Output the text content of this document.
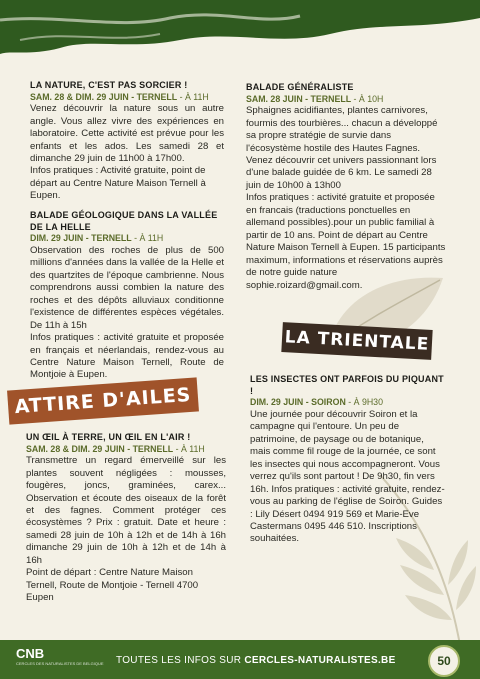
LA NATURE, C'EST PAS SORCIER !

SAM. 28 & DIM. 29 JUIN - TERNELL - À 11H

Venez découvrir la nature sous un autre angle. Vous allez vivre des expériences en laboratoire. Cette activité est prévue pour les enfants et les ados. Les samedi 28 et dimanche 29 juin de 11h00 à 17h00.

Infos pratiques : Activité gratuite, point de départ au Centre Nature Maison Ternell à Eupen.

BALADE GÉOLOGIQUE DANS LA VALLÉE DE LA HELLE

DIM. 29 JUIN - TERNELL - À 11H

Observation des roches de plus de 500 millions d'années dans la vallée de la Helle et des quartzites de l'époque cambrienne. Nous comprendrons aussi combien la nature des roches et des dépôts alluviaux conditionne l'existence de différentes espèces végétales. De 11h à 15h

Infos pratiques : activité gratuite et proposée en français et néerlandais, rendez-vous au Centre Nature Maison Ternell, Route de Montjoie à Eupen.

ATTIRE D'AILES

UN ŒIL À TERRE, UN ŒIL EN L'AIR !

SAM. 28 & DIM. 29 JUIN - TERNELL - À 11H

Transmettre un regard émerveillé sur les plantes souvent négligées : mousses, fougères, joncs, graminées, carex... Observation et écoute des oiseaux de la forêt et des fagnes. Comment protéger ces écosystèmes ? Prix : gratuit. Date et heure : samedi 28 juin de 10h à 12h et de 14h à 16h dimanche 29 juin de 10h à 12h et de 14h à 16h

Point de départ : Centre Nature Maison Ternell, Route de Montjoie - Ternell 4700 Eupen

BALADE GÉNÉRALISTE

SAM. 28 JUIN - TERNELL - À 10H

Sphaignes acidifiantes, plantes carnivores, fourmis des tourbières... chacun a développé sa propre stratégie de survie dans l'écosystème hostile des Hautes Fagnes. Venez découvrir cet univers passionnant lors d'une balade guidée de 6 km. Le samedi 28 juin de 10h00 à 13h00

Infos pratiques : activité gratuite et proposée en francais (traductions ponctuelles en allemand possibles).pour un public familial à partir de 10 ans. Point de départ au Centre Nature Maison Ternell à Eupen. 15 participants maximum, informations et réservations auprès de notre guide nature sophie.roizard@gmail.com.

LA TRIENTALE

LES INSECTES ONT PARFOIS DU PIQUANT !

DIM. 29 JUIN - SOIRON - À 9H30

Une journée pour découvrir Soiron et la campagne qui l'entoure. Un peu de patrimoine, de paysage ou de botanique, mais comme fil rouge de la journée, ce sont les insectes qui nous accompagneront. Vous verrez qu'ils sont partout ! De 9h30, fin vers 16h. Infos pratiques : activité gratuite, rendez-vous au parking de l'église de Soiron. Guides : Lily Désert 0494 919 569 et Marie-Eve Castermans 0495 446 510. Inscriptions souhaitées.

CNB
CERCLES DES NATURALISTES DE BELGIQUE TOUTES LES INFOS SUR CERCLES-NATURALISTES.BE	50
